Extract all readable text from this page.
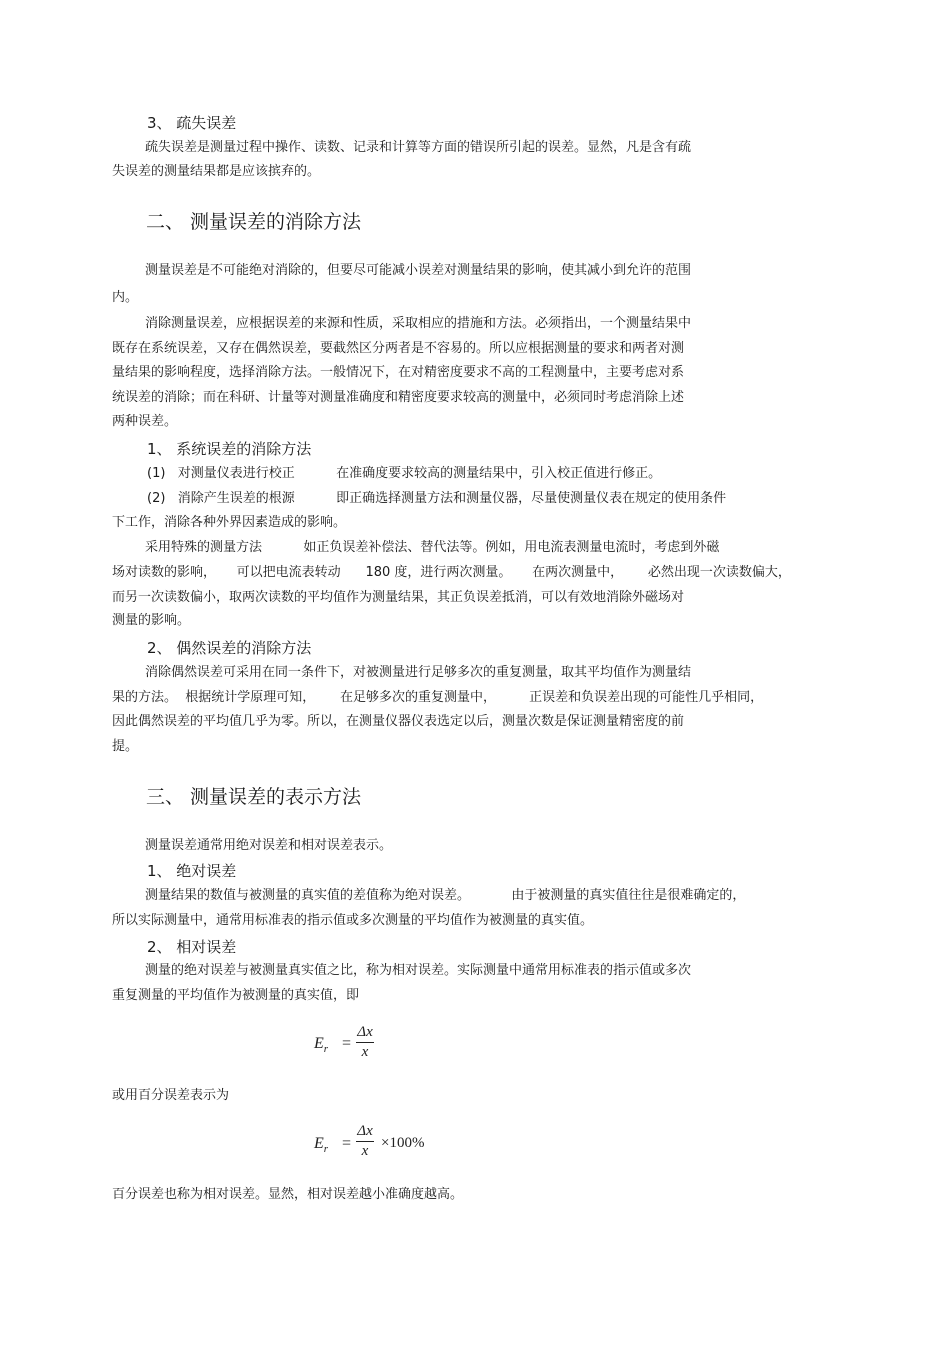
3、 疏失误差
疏失误差是测量过程中操作、读数、记录和计算等方面的错误所引起的误差。显然，凡是含有疏
失误差的测量结果都是应该摈弃的。
二、 测量误差的消除方法
测量误差是不可能绝对消除的，但要尽可能减小误差对测量结果的影响，使其减小到允许的范围
内。
消除测量误差，应根据误差的来源和性质，采取相应的措施和方法。必须指出，一个测量结果中
既存在系统误差，又存在偶然误差，要截然区分两者是不容易的。所以应根据测量的要求和两者对测
量结果的影响程度，选择消除方法。一般情况下，在对精密度要求不高的工程测量中，主要考虑对系
统误差的消除；而在科研、计量等对测量准确度和精密度要求较高的测量中，必须同时考虑消除上述
两种误差。
1、 系统误差的消除方法
(1)   对测量仪表进行校正          在准确度要求较高的测量结果中，引入校正值进行修正。
(2)   消除产生误差的根源          即正确选择测量方法和测量仪器，尽量使测量仪表在规定的使用条件
下工作，消除各种外界因素造成的影响。
采用特殊的测量方法          如正负误差补偿法、替代法等。例如，用电流表测量电流时，考虑到外磁
场对读数的影响，     可以把电流表转动      180 度，进行两次测量。     在两次测量中，      必然出现一次读数偏大，
而另一次读数偏小，取两次读数的平均值作为测量结果，其正负误差抵消，可以有效地消除外磁场对
测量的影响。
2、 偶然误差的消除方法
消除偶然误差可采用在同一条件下，对被测量进行足够多次的重复测量，取其平均值作为测量结
果的方法。  根据统计学原理可知，      在足够多次的重复测量中，        正误差和负误差出现的可能性几乎相同，
因此偶然误差的平均值几乎为零。所以，在测量仪器仪表选定以后，测量次数是保证测量精密度的前
提。
三、 测量误差的表示方法
测量误差通常用绝对误差和相对误差表示。
1、 绝对误差
测量结果的数值与被测量的真实值的差值称为绝对误差。          由于被测量的真实值往往是很难确定的，
所以实际测量中，通常用标准表的指示值或多次测量的平均值作为被测量的真实值。
2、 相对误差
测量的绝对误差与被测量真实值之比，称为相对误差。实际测量中通常用标准表的指示值或多次
重复测量的平均值作为被测量的真实值，即
$E_r$ =
Δx
x
或用百分误差表示为
$E_r$ =
Δx
x ×100%
百分误差也称为相对误差。显然，相对误差越小准确度越高。
